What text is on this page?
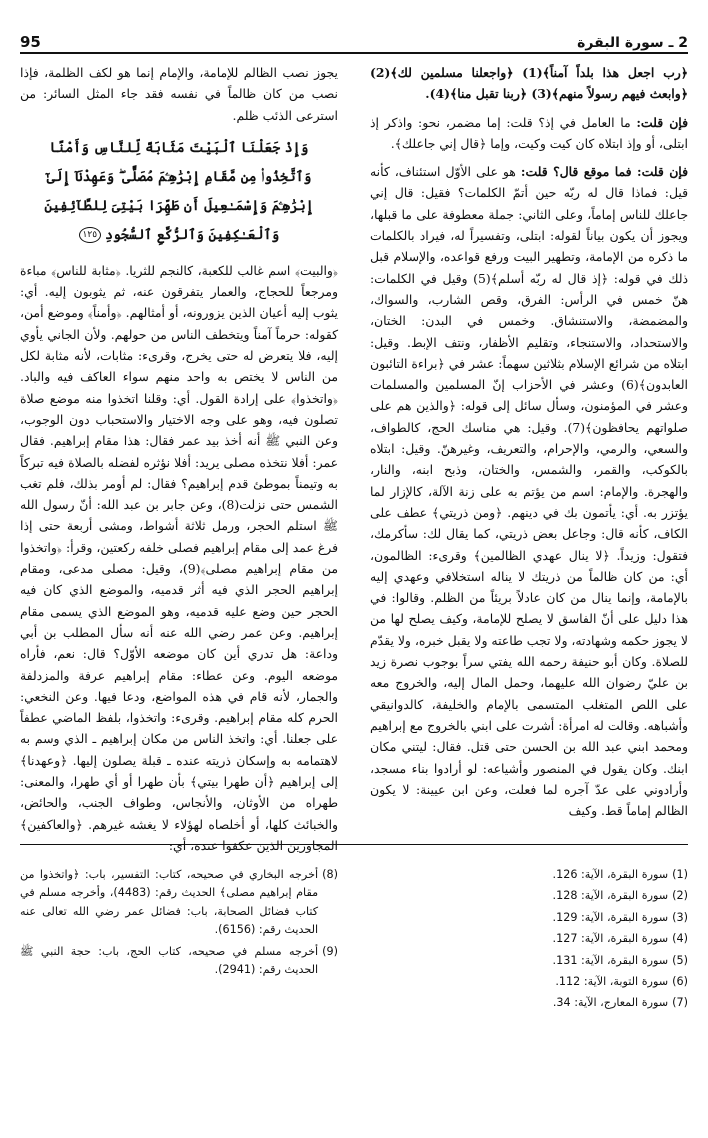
95	2 ـ سورة البقرة

﴿رب اجعل هذا بلداً آمناً﴾(1) ﴿واجعلنا مسلمين لك﴾(2) ﴿وابعث فيهم رسولاً منهم﴾(3) ﴿ربنا تقبل منا﴾(4).

فإن قلت: ما العامل في إذ؟ قلت: إما مضمر، نحو: واذكر إذ ابتلى، أو وإذ ابتلاه كان كيت وكيت، وإما ﴿قال إني جاعلك﴾.

فإن قلت: فما موقع قال؟ قلت: هو على الأوّل استئناف، كأنه قيل: فماذا قال له ربّه حين أتمّ الكلمات؟ فقيل: قال إني جاعلك للناس إماماً، وعلى الثاني: جملة معطوفة على ما قبلها، ويجوز أن يكون بياناً لقوله: ابتلى، وتفسيراً له، فيراد بالكلمات ما ذكره من الإمامة، وتطهير البيت ورفع قواعده، والإسلام قبل ذلك في قوله: ﴿إذ قال له ربّه أسلم﴾(5) وقيل في الكلمات: هنّ خمس في الرأس: الفرق، وقص الشارب، والسواك، والمضمضة، والاستنشاق. وخمس في البدن: الختان، والاستحداد، والاستنجاء، وتقليم الأظفار، ونتف الإبط. وقيل: ابتلاه من شرائع الإسلام بثلاثين سهماً: عشر في ﴿براءة التائبون العابدون﴾(6) وعشر في الأحزاب إنّ المسلمين والمسلمات وعشر في المؤمنون، وسأل سائل إلى قوله: ﴿والذين هم على صلواتهم يحافظون﴾(7). وقيل: هي مناسك الحج، كالطواف، والسعي، والرمي، والإحرام، والتعريف، وغيرهنّ. وقيل: ابتلاه بالكوكب، والقمر، والشمس، والختان، وذبح ابنه، والنار، والهجرة. والإمام: اسم من يؤتم به على زنة الآلة، كالإزار لما يؤتزر به. أي: يأتمون بك في دينهم. ﴿ومن ذريتي﴾ عطف على الكاف، كأنه قال: وجاعل بعض ذريتي، كما يقال لك: سأكرمك، فتقول: وزيداً. ﴿لا ينال عهدي الظالمين﴾ وقرىء: الظالمون، أي: من كان ظالماً من ذريتك لا يناله استخلافي وعهدي إليه بالإمامة، وإنما ينال من كان عادلاً بريئاً من الظلم. وقالوا: في هذا دليل على أنّ الفاسق لا يصلح للإمامة، وكيف يصلح لها من لا يجوز حكمه وشهادته، ولا تجب طاعته ولا يقبل خبره، ولا يقدّم للصلاة. وكان أبو حنيفة رحمه الله يفتي سراً بوجوب نصرة زيد بن عليّ رضوان الله عليهما، وحمل المال إليه، والخروج معه على اللص المتغلب المتسمى بالإمام والخليفة، كالدوانيقي وأشباهه. وقالت له امرأة: أشرت على ابني بالخروج مع إبراهيم ومحمد ابني عبد الله بن الحسن حتى قتل. فقال: ليتني مكان ابنك. وكان يقول في المنصور وأشياعه: لو أرادوا بناء مسجد، وأرادوني على عدّ آجره لما فعلت، وعن ابن عيينة: لا يكون الظالم إماماً قط. وكيف

يجوز نصب الظالم للإمامة، والإمام إنما هو لكف الظلمة، فإذا نصب من كان ظالماً في نفسه فقد جاء المثل السائر: من استرعى الذئب ظلم.

وَإِذْ جَعَلْنَا ٱلْبَيْتَ مَثَابَةً لِّلنَّاسِ وَأَمْنًا وَٱتَّخِذُوا۟ مِن مَّقَامِ إِبْرَٰهِـۧمَ مُصَلًّى ۖ وَعَهِدْنَآ إِلَىٰٓ إِبْرَٰهِـۧمَ وَإِسْمَـٰعِيلَ أَن طَهِّرَا بَيْتِىَ لِلطَّآئِفِينَ وَٱلْعَـٰكِفِينَ وَٱلرُّكَّعِ ٱلسُّجُودِ ١٢٥

﴿والبيت﴾ اسم غالب للكعبة، كالنجم للثريا. ﴿مثابة للناس﴾ مباءة ومرجعاً للحجاج، والعمار يتفرقون عنه، ثم يثوبون إليه. أي: يثوب إليه أعيان الذين يزورونه، أو أمثالهم. ﴿وأمناً﴾ وموضع أمن، كقوله: حرماً آمناً ويتخطف الناس من حولهم. ولأن الجاني يأوي إليه، فلا يتعرض له حتى يخرج، وقرىء: مثابات، لأنه مثابة لكل من الناس لا يختص به واحد منهم سواء العاكف فيه والباد. ﴿واتخذوا﴾ على إرادة القول. أي: وقلنا اتخذوا منه موضع صلاة تصلون فيه، وهو على وجه الاختيار والاستحباب دون الوجوب، وعن النبي ﷺ أنه أخذ بيد عمر فقال: هذا مقام إبراهيم. فقال عمر: أفلا نتخذه مصلى يريد: أفلا نؤثره لفضله بالصلاة فيه تبركاً به وتيمناً بموطئ قدم إبراهيم؟ فقال: لم أومر بذلك، فلم تغب الشمس حتى نزلت(8)، وعن جابر بن عبد الله: أنّ رسول الله ﷺ استلم الحجر، ورمل ثلاثة أشواط، ومشى أربعة حتى إذا فرغ عمد إلى مقام إبراهيم فصلى خلفه ركعتين، وقرأ: ﴿واتخذوا من مقام إبراهيم مصلى﴾(9)، وقيل: مصلى مدعى، ومقام إبراهيم الحجر الذي فيه أثر قدميه، والموضع الذي كان فيه الحجر حين وضع عليه قدميه، وهو الموضع الذي يسمى مقام إبراهيم. وعن عمر رضي الله عنه أنه سأل المطلب بن أبي وداعة: هل تدري أين كان موضعه الأوّل؟ قال: نعم، فأراه موضعه اليوم. وعن عطاء: مقام إبراهيم عرفة والمزدلفة والجمار، لأنه قام في هذه المواضع، ودعا فيها. وعن النخعي: الحرم كله مقام إبراهيم. وقرىء: واتخذوا، بلفظ الماضي عطفاً على جعلنا. أي: واتخذ الناس من مكان إبراهيم ـ الذي وسم به لاهتمامه به وإسكان ذريته عنده ـ قبلة يصلون إليها. ﴿وعهدنا﴾ إلى إبراهيم ﴿أن طهرا بيتي﴾ بأن طهرا أو أي طهرا، والمعنى: طهراه من الأوثان، والأنجاس، وطواف الجنب، والحائض، والخبائث كلها، أو أخلصاه لهؤلاء لا يغشه غيرهم. ﴿والعاكفين﴾ المجاورين الذين عكفوا عنده، أي:

(1)
سورة البقرة، الآية: 126.
(2)
سورة البقرة، الآية: 128.
(3)
سورة البقرة، الآية: 129.
(4)
سورة البقرة، الآية: 127.
(5)
سورة البقرة، الآية: 131.
(6)
سورة التوبة، الآية: 112.
(7)
سورة المعارج، الآية: 34.
(8)
أخرجه البخاري في صحيحه، كتاب: التفسير، باب: ﴿واتخذوا من مقام إبراهيم مصلى﴾ الحديث رقم: (4483)، وأخرجه مسلم في كتاب فضائل الصحابة، باب: فضائل عمر رضي الله تعالى عنه الحديث رقم: (6156).
(9)
أخرجه مسلم في صحيحه، كتاب الحج، باب: حجة النبي ﷺ الحديث رقم: (2941).
